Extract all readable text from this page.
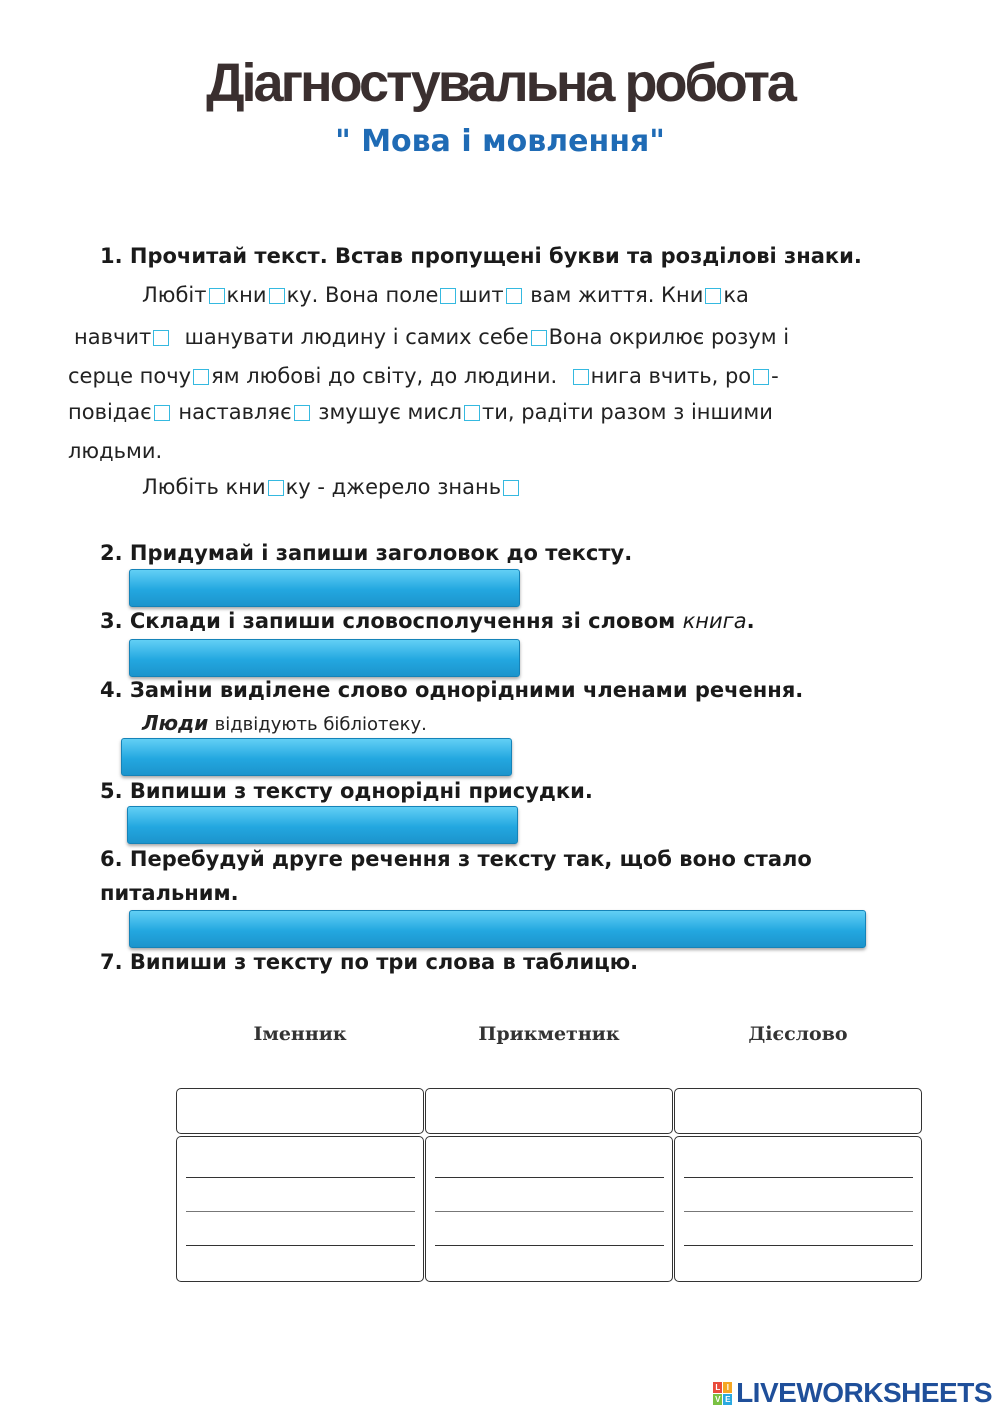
Діагностувальна робота
" Мова і мовлення"
1. Прочитай текст. Встав пропущені букви та розділові знаки.
Любіт кни ку. Вона поле шит вам життя. Кни ка
навчит шанувати людину і самих себе Вона окрилює розум і
серце почу ям любові до світу, до людини. нига вчить, ро -
повідає наставляє змушує мисл ти, радіти разом з іншими
людьми.
Любіть кни ку - джерело знань
2. Придумай і запиши заголовок до тексту.
3. Склади і запиши словосполучення зі словом книга.
4. Заміни виділене слово однорідними членами речення.
Люди відвідують бібліотеку.
5. Випиши з тексту однорідні присудки.
6. Перебудуй друге речення з тексту так, щоб воно стало
питальним.
7. Випиши з тексту по три слова в таблицю.
Іменник	Прикметник	Дієслово
L I
V E LIVEWORKSHEETS
